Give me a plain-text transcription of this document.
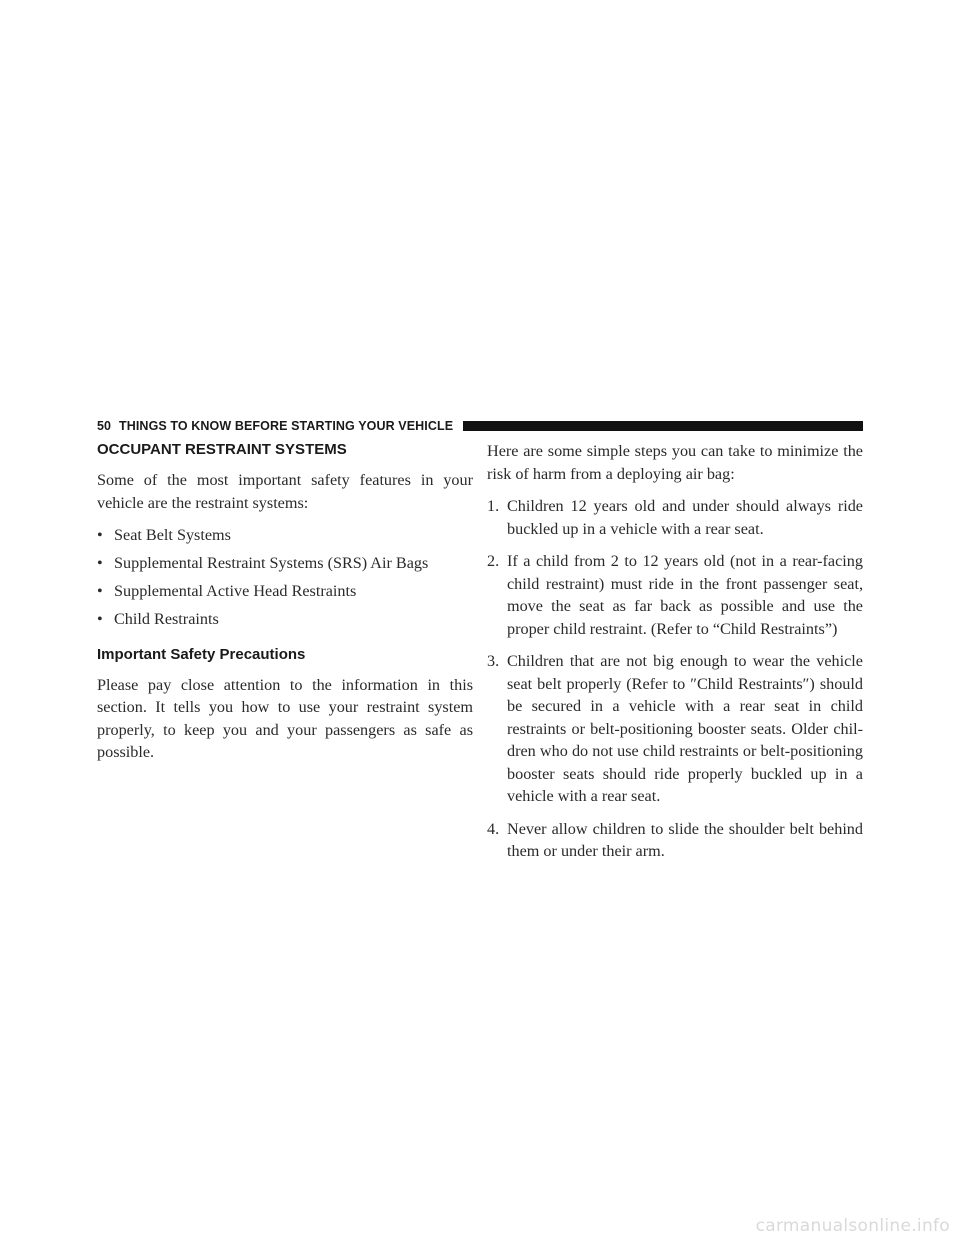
50 THINGS TO KNOW BEFORE STARTING YOUR VEHICLE
OCCUPANT RESTRAINT SYSTEMS

Some of the most important safety features in your vehicle are the restraint systems:

• Seat Belt Systems
• Supplemental Restraint Systems (SRS) Air Bags
• Supplemental Active Head Restraints
• Child Restraints
Important Safety Precautions

Please pay close attention to the information in this section. It tells you how to use your restraint system properly, to keep you and your passengers as safe as possible.

Here are some simple steps you can take to minimize the risk of harm from a deploying air bag:

1. Children 12 years old and under should always ride buckled up in a vehicle with a rear seat.
2. If a child from 2 to 12 years old (not in a rear-facing child restraint) must ride in the front passenger seat, move the seat as far back as possible and use the proper child restraint. (Refer to “Child Restraints”)
3. Children that are not big enough to wear the vehicle seat belt properly (Refer to ″Child Restraints″) should be secured in a vehicle with a rear seat in child restraints or belt-positioning booster seats. Older chil-dren who do not use child restraints or belt-positioning booster seats should ride properly buckled up in a vehicle with a rear seat.
4. Never allow children to slide the shoulder belt behind them or under their arm.
carmanualsonline.info
